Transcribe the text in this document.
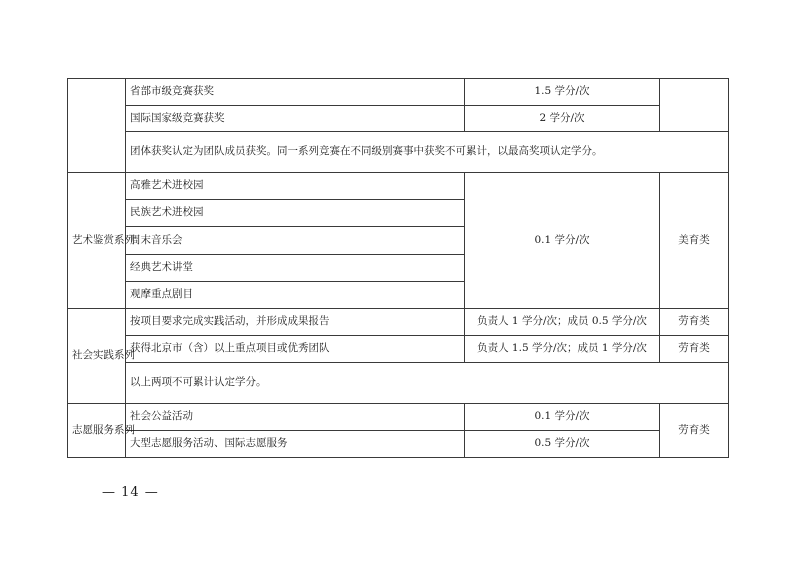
	省部市级竞赛获奖	1.5 学分/次	
	国际国家级竞赛获奖	2 学分/次	
	团体获奖认定为团队成员获奖。同一系列竞赛在不同级别赛事中获奖不可累计，以最高奖项认定学分。		
艺术鉴赏系列	高雅艺术进校园	0.1 学分/次	美育类
	民族艺术进校园		
	周末音乐会		
	经典艺术讲堂		
	观摩重点剧目		
社会实践系列	按项目要求完成实践活动，并形成成果报告	负责人 1 学分/次；成员 0.5 学分/次	劳育类
	获得北京市（含）以上重点项目或优秀团队	负责人 1.5 学分/次；成员 1 学分/次	劳育类
	以上两项不可累计认定学分。		
志愿服务系列	社会公益活动	0.1 学分/次	劳育类
	大型志愿服务活动、国际志愿服务	0.5 学分/次	
— 14 —
